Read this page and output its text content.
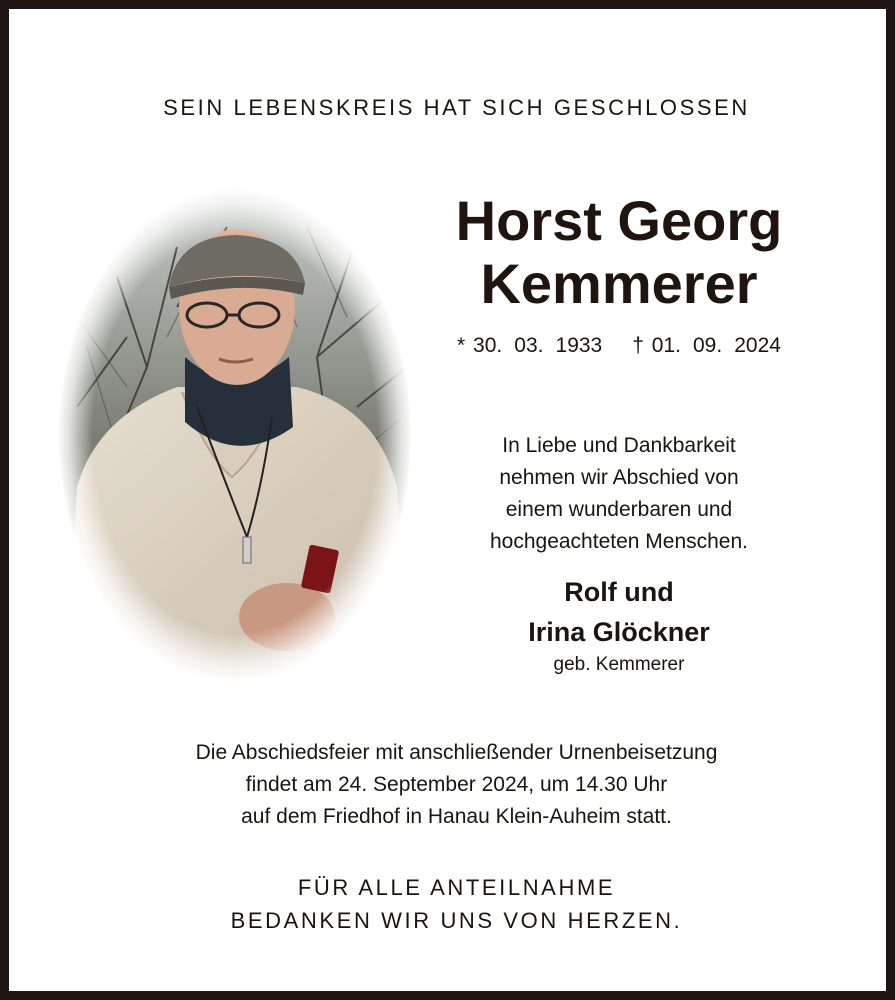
SEIN LEBENSKREIS HAT SICH GESCHLOSSEN
Horst Georg
Kemmerer
* 30.  03.  1933 † 01.  09.  2024
In Liebe und Dankbarkeit
nehmen wir Abschied von
einem wunderbaren und
hochgeachteten Menschen.
Rolf und
Irina Glöckner
geb. Kemmerer
Die Abschiedsfeier mit anschließender Urnenbeisetzung
findet am 24. September 2024, um 14.30 Uhr
auf dem Friedhof in Hanau Klein-Auheim statt.
FÜR ALLE ANTEILNAHME
BEDANKEN WIR UNS VON HERZEN.
